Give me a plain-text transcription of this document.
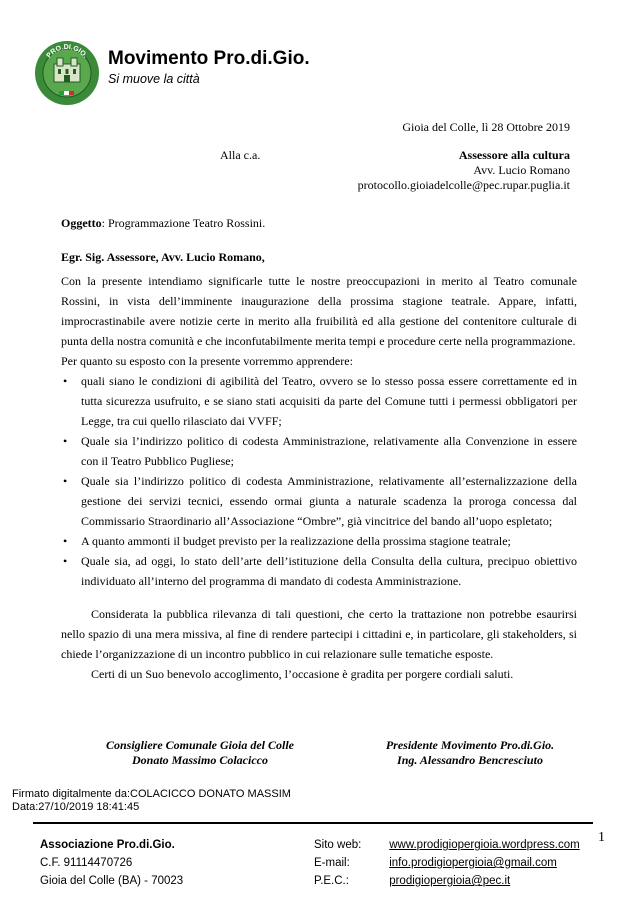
PRO.DI.GIO. Movimento Pro.di.Gio.
Si muove la città
Gioia del Colle, lì 28 Ottobre 2019
Alla c.a.	Assessore alla cultura
Avv. Lucio Romano
protocollo.gioiadelcolle@pec.rupar.puglia.it

Oggetto: Programmazione Teatro Rossini.

Egr. Sig. Assessore, Avv. Lucio Romano,

Con la presente intendiamo significarle tutte le nostre preoccupazioni in merito al Teatro comunale Rossini, in vista dell’imminente inaugurazione della prossima stagione teatrale. Appare, infatti, improcrastinabile avere notizie certe in merito alla fruibilità ed alla gestione del contenitore culturale di punta della nostra comunità e che inconfutabilmente merita tempi e procedure certe nella programmazione.

Per quanto su esposto con la presente vorremmo apprendere:

• quali siano le condizioni di agibilità del Teatro, ovvero se lo stesso possa essere correttamente ed in tutta sicurezza usufruito, e se siano stati acquisiti da parte del Comune tutti i permessi obbligatori per Legge, tra cui quello rilasciato dai VVFF;
• Quale sia l’indirizzo politico di codesta Amministrazione, relativamente alla Convenzione in essere con il Teatro Pubblico Pugliese;
• Quale sia l’indirizzo politico di codesta Amministrazione, relativamente all’esternalizzazione della gestione dei servizi tecnici, essendo ormai giunta a naturale scadenza la proroga concessa dal Commissario Straordinario all’Associazione “Ombre”, già vincitrice del bando all’uopo espletato;
• A quanto ammonti il budget previsto per la realizzazione della prossima stagione teatrale;
• Quale sia, ad oggi, lo stato dell’arte dell’istituzione della Consulta della cultura, precipuo obiettivo individuato all’interno del programma di mandato di codesta Amministrazione.

Considerata la pubblica rilevanza di tali questioni, che certo la trattazione non potrebbe esaurirsi nello spazio di una mera missiva, al fine di rendere partecipi i cittadini e, in particolare, gli stakeholders, si chiede l’organizzazione di un incontro pubblico in cui relazionare sulle tematiche esposte.

Certi di un Suo benevolo accoglimento, l’occasione è gradita per porgere cordiali saluti.

Consigliere Comunale Gioia del Colle
Donato Massimo Colacicco
Presidente Movimento Pro.di.Gio.
Ing. Alessandro Bencresciuto
Firmato digitalmente da:COLACICCO DONATO MASSIM
Data:27/10/2019 18:41:45
Associazione Pro.di.Gio.
C.F. 91114470726
Gioia del Colle (BA) - 70023
Sito web: www.prodigiopergioia.wordpress.com
E-mail:	info.prodigiopergioia@gmail.com
P.E.C.:	prodigiopergioia@pec.it
1
